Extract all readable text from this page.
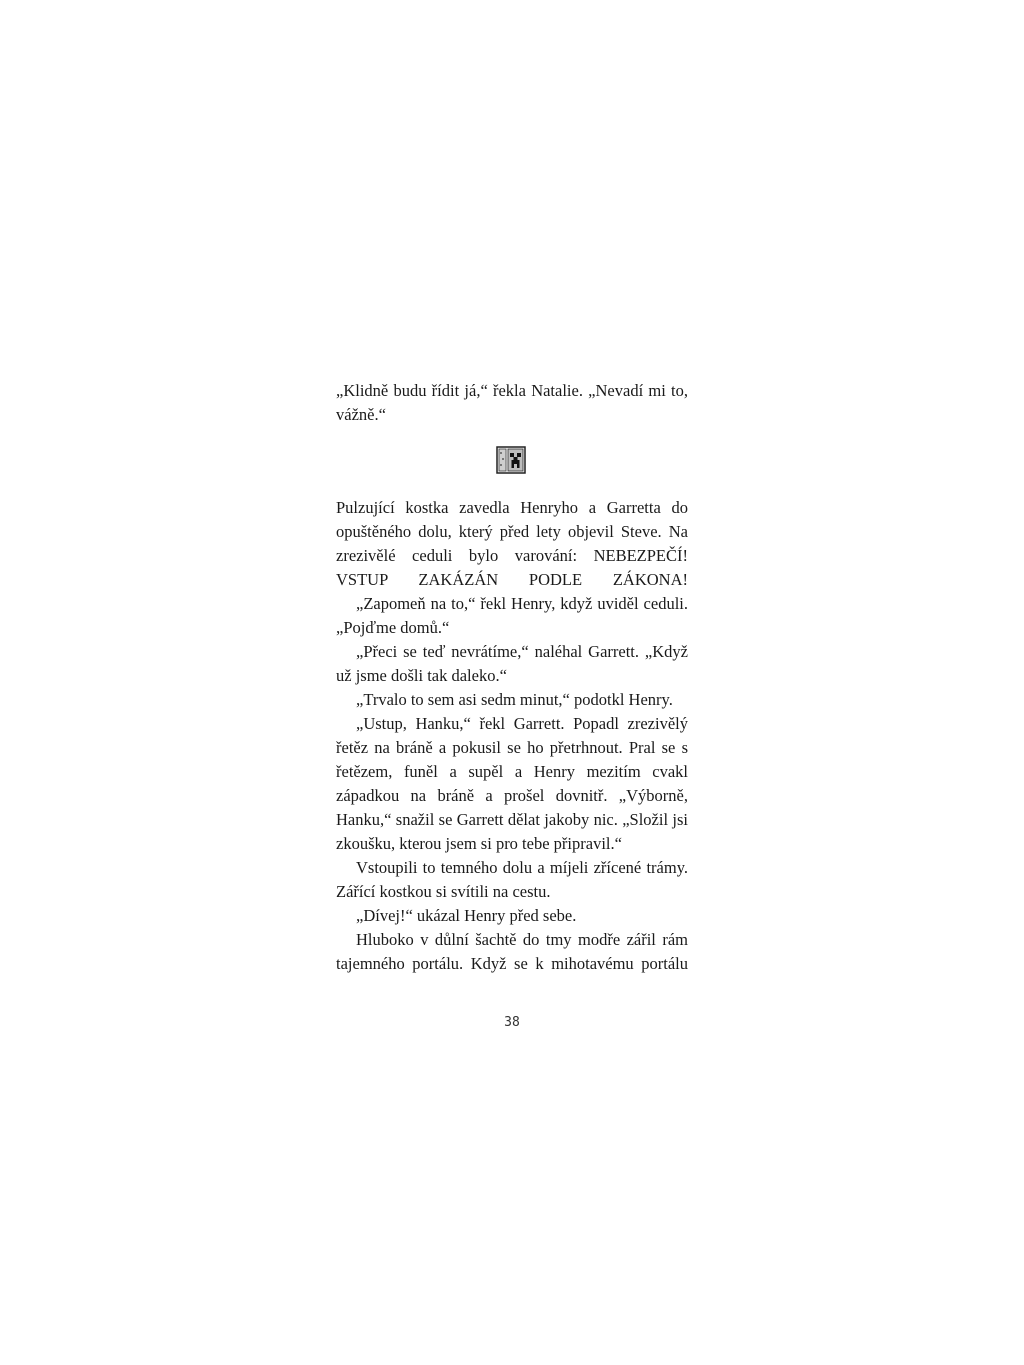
„Klidně budu řídit já,“ řekla Natalie. „Nevadí mi to, vážně.“

Pulzující kostka zavedla Henryho a Garretta do opuštěného dolu, který před lety objevil Steve. Na zrezivělé ceduli bylo varování: NEBEZPEČÍ! VSTUP ZAKÁZÁN PODLE ZÁKONA!

„Zapomeň na to,“ řekl Henry, když uviděl ceduli. „Pojďme domů.“

„Přeci se teď nevrátíme,“ naléhal Garrett. „Když už jsme došli tak daleko.“

„Trvalo to sem asi sedm minut,“ podotkl Henry.

„Ustup, Hanku,“ řekl Garrett. Popadl zrezivělý řetěz na bráně a pokusil se ho přetrhnout. Pral se s řetězem, funěl a supěl a Henry mezitím cvakl západkou na bráně a prošel dovnitř. „Výborně, Hanku,“ snažil se Garrett dělat jakoby nic. „Složil jsi zkoušku, kterou jsem si pro tebe připravil.“

Vstoupili to temného dolu a míjeli zřícené trámy. Zářící kostkou si svítili na cestu.

„Dívej!“ ukázal Henry před sebe.

Hluboko v důlní šachtě do tmy modře zářil rám tajemného portálu. Když se k mihotavému portálu

38
